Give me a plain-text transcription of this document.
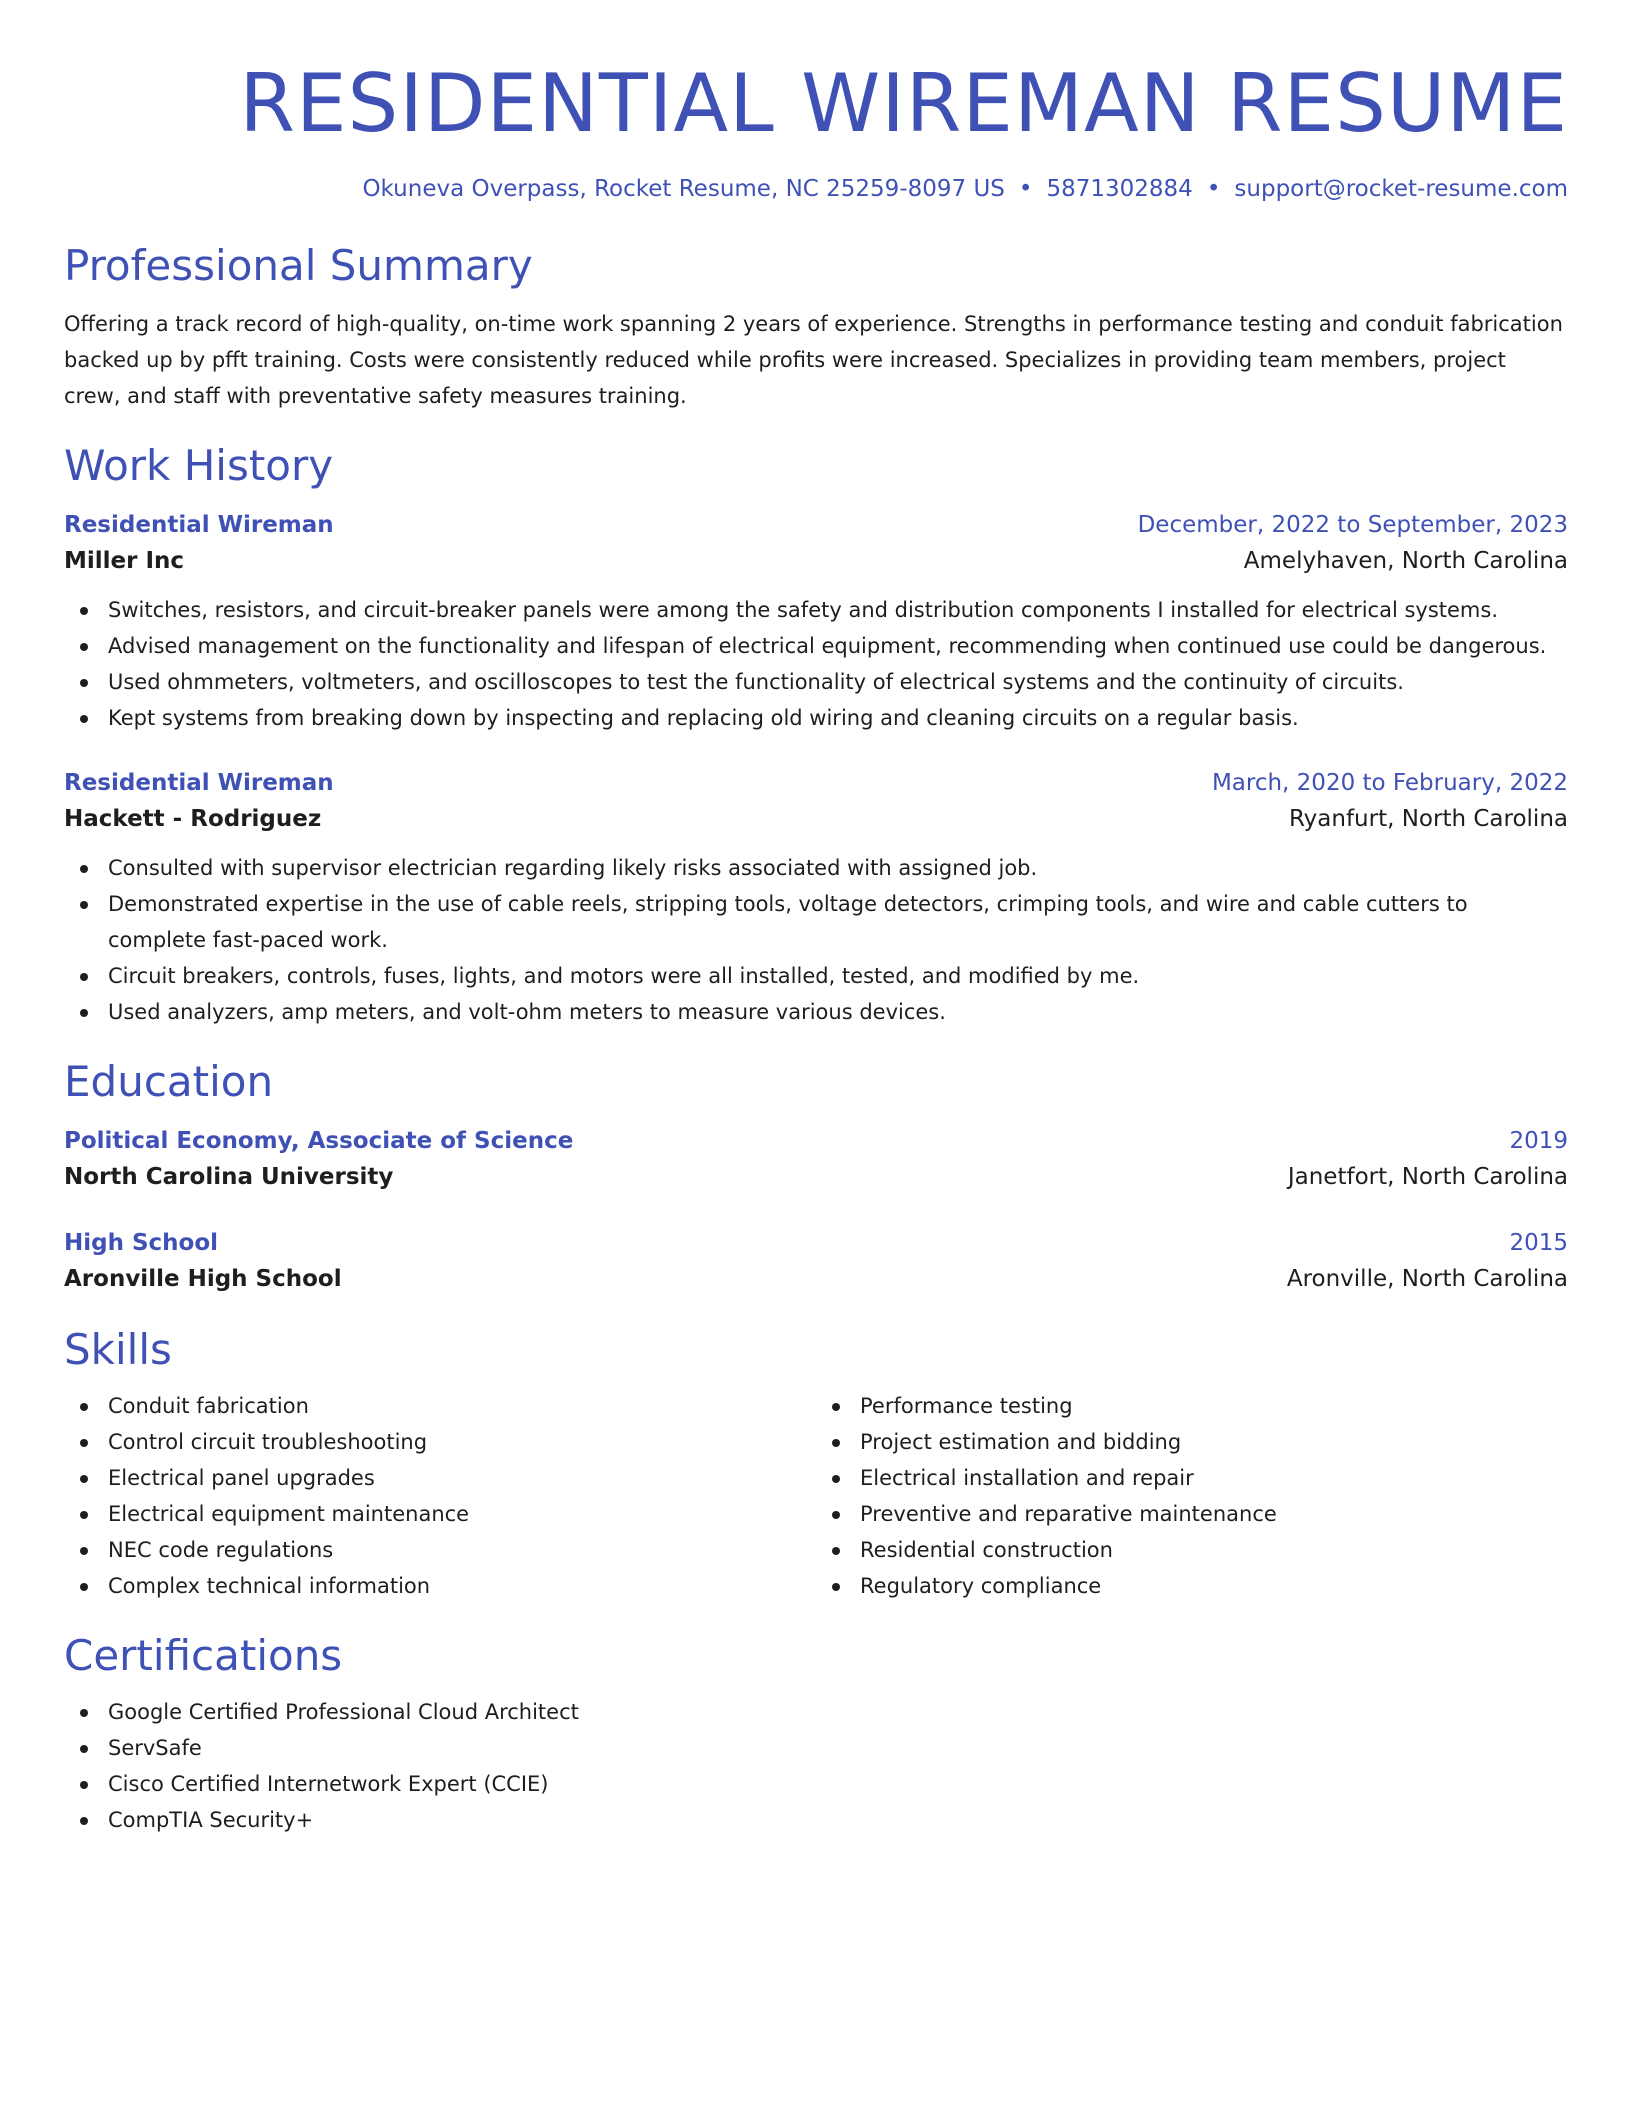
RESIDENTIAL WIREMAN RESUME
Okuneva Overpass, Rocket Resume, NC 25259-8097 US • 5871302884 • support@rocket-resume.com
Professional Summary
Offering a track record of high-quality, on-time work spanning 2 years of experience. Strengths in performance testing and conduit fabrication backed up by pfft training. Costs were consistently reduced while profits were increased. Specializes in providing team members, project crew, and staff with preventative safety measures training.
Work History
Residential Wireman	December, 2022 to September, 2023
Miller Inc	Amelyhaven, North Carolina
Switches, resistors, and circuit-breaker panels were among the safety and distribution components I installed for electrical systems.
Advised management on the functionality and lifespan of electrical equipment, recommending when continued use could be dangerous.
Used ohmmeters, voltmeters, and oscilloscopes to test the functionality of electrical systems and the continuity of circuits.
Kept systems from breaking down by inspecting and replacing old wiring and cleaning circuits on a regular basis.
Residential Wireman	March, 2020 to February, 2022
Hackett - Rodriguez	Ryanfurt, North Carolina
Consulted with supervisor electrician regarding likely risks associated with assigned job.
Demonstrated expertise in the use of cable reels, stripping tools, voltage detectors, crimping tools, and wire and cable cutters to complete fast-paced work.
Circuit breakers, controls, fuses, lights, and motors were all installed, tested, and modified by me.
Used analyzers, amp meters, and volt-ohm meters to measure various devices.
Education
Political Economy, Associate of Science	2019
North Carolina University	Janetfort, North Carolina
High School	2015
Aronville High School	Aronville, North Carolina
Skills
Conduit fabrication
Control circuit troubleshooting
Electrical panel upgrades
Electrical equipment maintenance
NEC code regulations
Complex technical information
Performance testing
Project estimation and bidding
Electrical installation and repair
Preventive and reparative maintenance
Residential construction
Regulatory compliance
Certifications
Google Certified Professional Cloud Architect
ServSafe
Cisco Certified Internetwork Expert (CCIE)
CompTIA Security+
